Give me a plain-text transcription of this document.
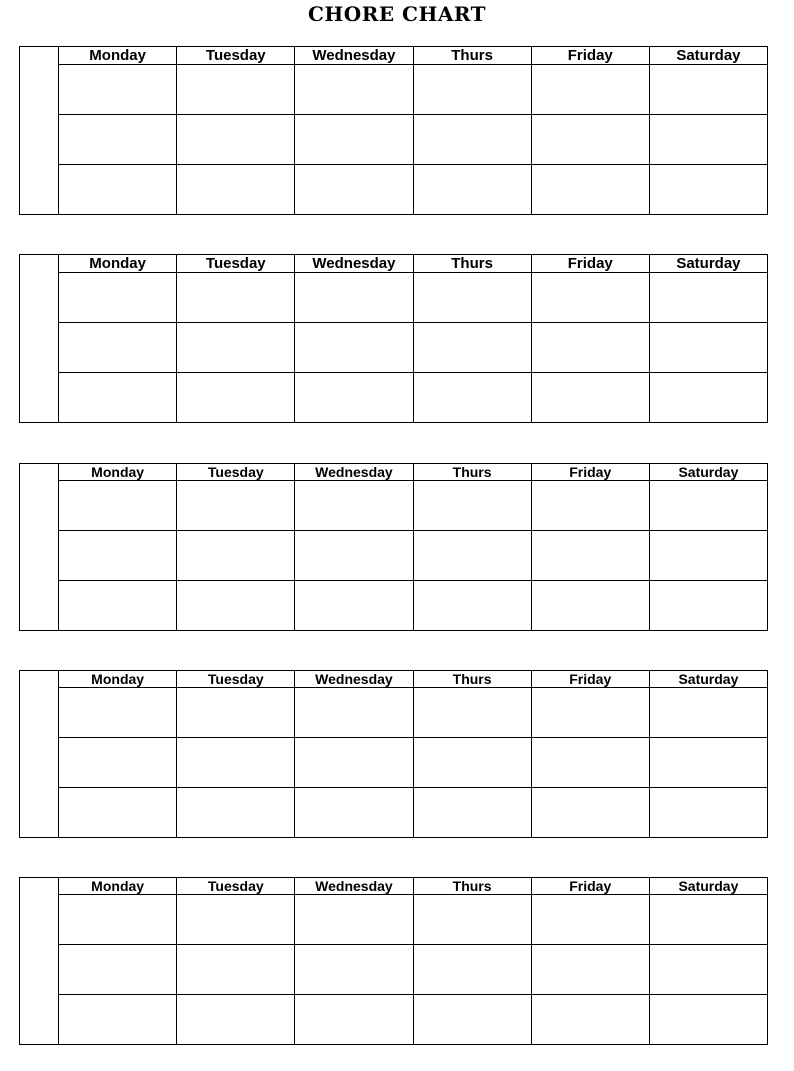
CHORE CHART
	Monday	Tuesday	Wednesday	Thurs	Friday	Saturday

	Monday	Tuesday	Wednesday	Thurs	Friday	Saturday

	Monday	Tuesday	Wednesday	Thurs	Friday	Saturday

	Monday	Tuesday	Wednesday	Thurs	Friday	Saturday

	Monday	Tuesday	Wednesday	Thurs	Friday	Saturday
